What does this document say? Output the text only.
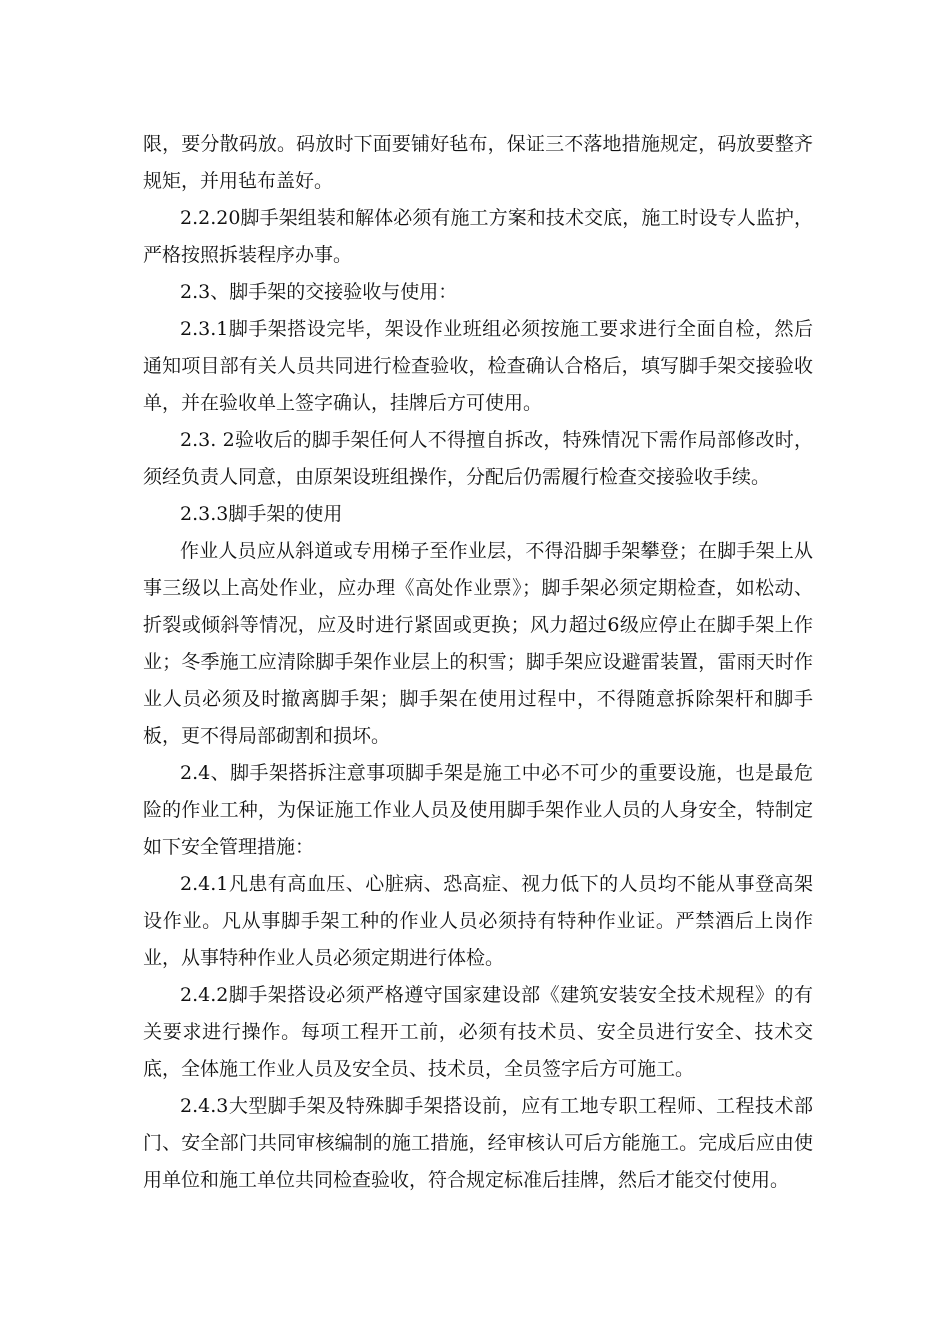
限，要分散码放。码放时下面要铺好毡布，保证三不落地措施规定，码放要整齐规矩，并用毡布盖好。

2.2.20脚手架组装和解体必须有施工方案和技术交底，施工时设专人监护，严格按照拆装程序办事。

2.3、脚手架的交接验收与使用：

2.3.1脚手架搭设完毕，架设作业班组必须按施工要求进行全面自检，然后通知项目部有关人员共同进行检查验收，检查确认合格后，填写脚手架交接验收单，并在验收单上签字确认，挂牌后方可使用。

2.3. 2验收后的脚手架任何人不得擅自拆改，特殊情况下需作局部修改时，须经负责人同意，由原架设班组操作，分配后仍需履行检查交接验收手续。

2.3.3脚手架的使用

作业人员应从斜道或专用梯子至作业层，不得沿脚手架攀登；在脚手架上从事三级以上高处作业，应办理《高处作业票》；脚手架必须定期检查，如松动、折裂或倾斜等情况，应及时进行紧固或更换；风力超过6级应停止在脚手架上作业；冬季施工应清除脚手架作业层上的积雪；脚手架应设避雷装置，雷雨天时作业人员必须及时撤离脚手架；脚手架在使用过程中，不得随意拆除架杆和脚手板，更不得局部砌割和损坏。

2.4、脚手架搭拆注意事项脚手架是施工中必不可少的重要设施，也是最危险的作业工种，为保证施工作业人员及使用脚手架作业人员的人身安全，特制定如下安全管理措施：

2.4.1凡患有高血压、心脏病、恐高症、视力低下的人员均不能从事登高架设作业。凡从事脚手架工种的作业人员必须持有特种作业证。严禁酒后上岗作业，从事特种作业人员必须定期进行体检。

2.4.2脚手架搭设必须严格遵守国家建设部《建筑安装安全技术规程》的有关要求进行操作。每项工程开工前，必须有技术员、安全员进行安全、技术交底，全体施工作业人员及安全员、技术员，全员签字后方可施工。

2.4.3大型脚手架及特殊脚手架搭设前，应有工地专职工程师、工程技术部门、安全部门共同审核编制的施工措施，经审核认可后方能施工。完成后应由使用单位和施工单位共同检查验收，符合规定标准后挂牌，然后才能交付使用。
